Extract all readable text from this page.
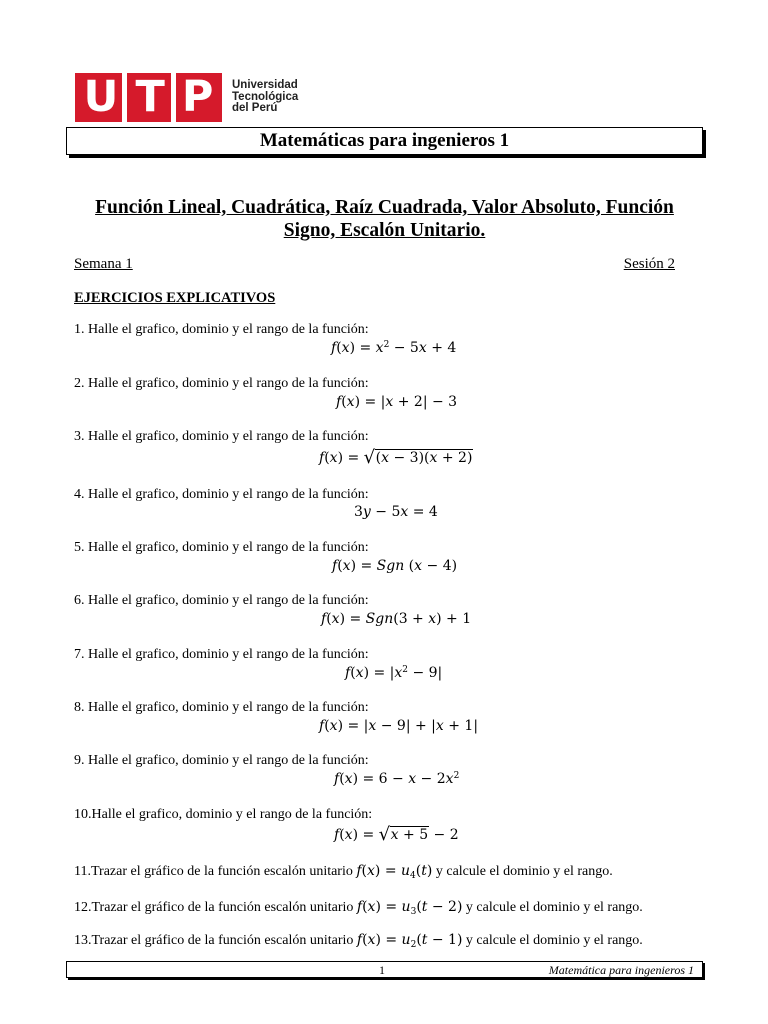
U T P Universidad
Tecnológica
del Perú
Matemáticas para ingenieros 1
Función Lineal, Cuadrática, Raíz Cuadrada, Valor Absoluto, Función
Signo, Escalón Unitario.
Semana 1	Sesión 2
EJERCICIOS EXPLICATIVOS
1. Halle el grafico, dominio y el rango de la función:
$f(x) = x^2 - 5x + 4$
2. Halle el grafico, dominio y el rango de la función:
f(x) = |x + 2| − 3
3. Halle el grafico, dominio y el rango de la función:
f(x) = √ (x − 3)(x + 2)
4. Halle el grafico, dominio y el rango de la función:
3y − 5x = 4
5. Halle el grafico, dominio y el rango de la función:
f(x) = Sgn (x − 4)
6. Halle el grafico, dominio y el rango de la función:
f(x) = Sgn(3 + x) + 1
7. Halle el grafico, dominio y el rango de la función:
$f(x) = |x^2 - 9|$
8. Halle el grafico, dominio y el rango de la función:
f(x) = |x − 9| + |x + 1|
9. Halle el grafico, dominio y el rango de la función:
$f(x) = 6 - x - 2x^2$
10.Halle el grafico, dominio y el rango de la función:
f(x) = √ x + 5 − 2
11.Trazar el gráfico de la función escalón unitario $f(x) = u_4(t)$ y calcule el dominio y el rango.
12.Trazar el gráfico de la función escalón unitario $f(x) = u_3(t - 2)$ y calcule el dominio y el rango.
13.Trazar el gráfico de la función escalón unitario $f(x) = u_2(t - 1)$ y calcule el dominio y el rango.
1	Matemática para ingenieros 1
